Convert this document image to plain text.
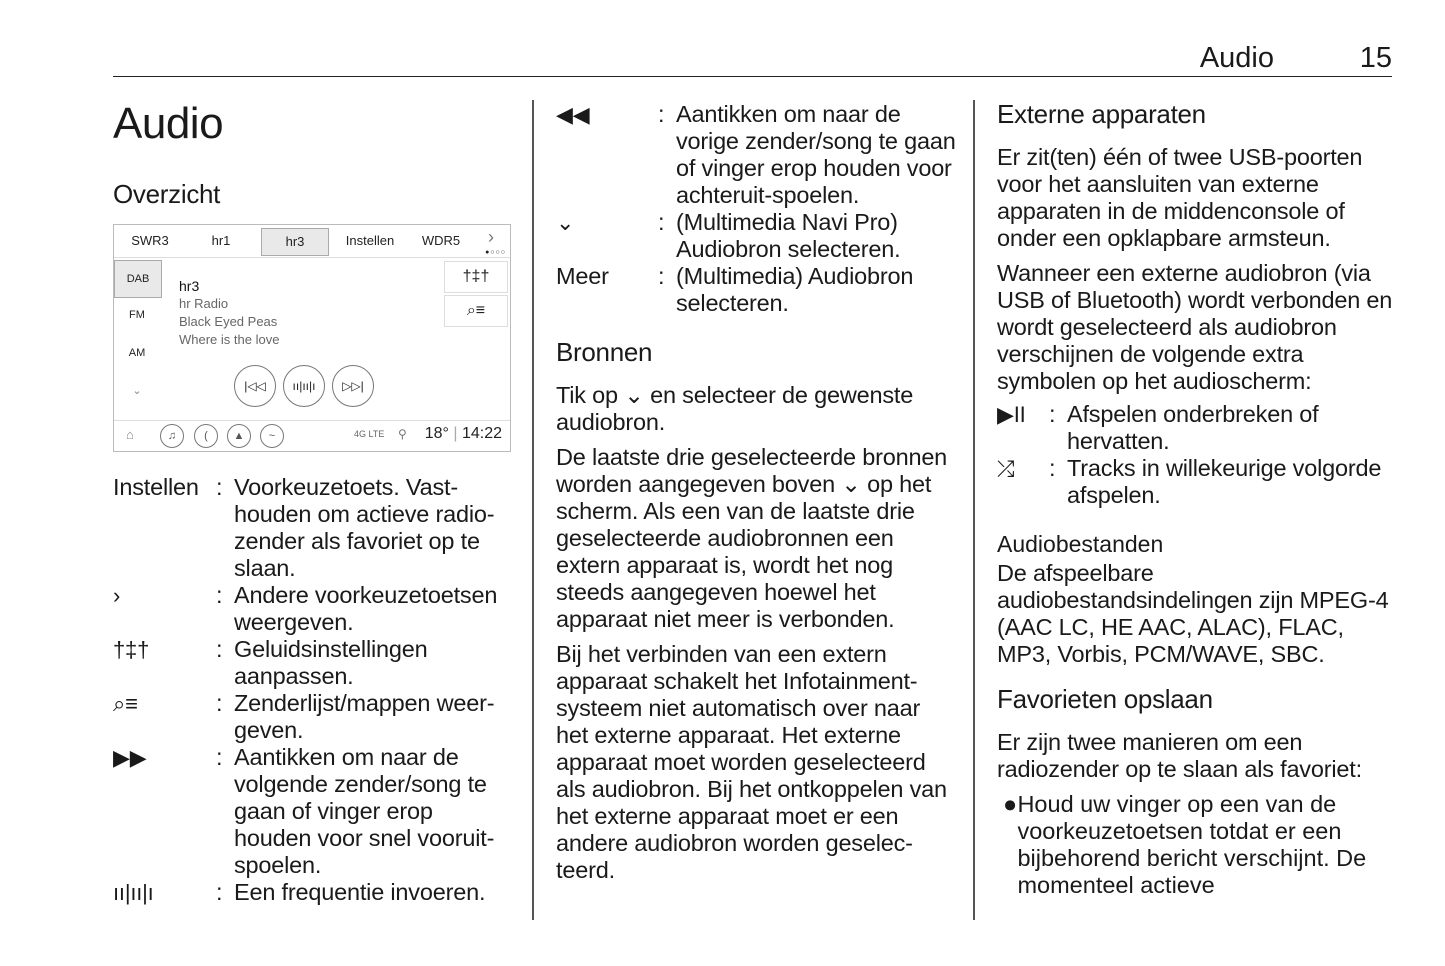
Audio	15
Audio
Overzicht
SWR3	hr1	hr3	Instellen	WDR5	›
●○○○
DAB
FM
AM
⌄
hr3
hr Radio
Black Eyed Peas
Where is the love
†‡†
⌕≡
|◁◁ ıı|ıı|ı ▷▷|
⌂	♫	(	▲	~	4G LTE ⚲ 18° | 14:22
Instellen : Voorkeuzetoets. Vast-houden om actieve radio-zender als favoriet op te slaan.
›	: Andere voorkeuzetoetsen weergeven.
†‡†	: Geluidsinstellingen aanpassen.
⌕≡	: Zenderlijst/mappen weer-geven.
▶▶	: Aantikken om naar de volgende zender/song te gaan of vinger erop houden voor snel vooruit-spoelen.
ıı|ıı|ı	: Een frequentie invoeren.
◀◀	: Aantikken om naar de vorige zender/song te gaan of vinger erop houden voor achteruit-spoelen.
⌄	: (Multimedia Navi Pro) Audiobron selecteren.
Meer	: (Multimedia) Audiobron selecteren.
Bronnen

Tik op ⌄ en selecteer de gewenste audiobron.

De laatste drie geselecteerde bronnen worden aangegeven boven ⌄ op het scherm. Als een van de laatste drie geselecteerde audiobronnen een extern apparaat is, wordt het nog steeds aangegeven hoewel het apparaat niet meer is verbonden.

Bij het verbinden van een extern apparaat schakelt het Infotainment-systeem niet automatisch over naar het externe apparaat. Het externe apparaat moet worden geselecteerd als audiobron. Bij het ontkoppelen van het externe apparaat moet er een andere audiobron worden geselec-teerd.

Externe apparaten

Er zit(ten) één of twee USB-poorten voor het aansluiten van externe apparaten in de middenconsole of onder een opklapbare armsteun.

Wanneer een externe audiobron (via USB of Bluetooth) wordt verbonden en wordt geselecteerd als audiobron verschijnen de volgende extra symbolen op het audioscherm:

▶II : Afspelen onderbreken of hervatten.
⤮	: Tracks in willekeurige volgorde afspelen.
Audiobestanden

De afspeelbare audiobestandsindelingen zijn MPEG-4 (AAC LC, HE AAC, ALAC), FLAC, MP3, Vorbis, PCM/WAVE, SBC.

Favorieten opslaan

Er zijn twee manieren om een radiozender op te slaan als favoriet:

● Houd uw vinger op een van de voorkeuzetoetsen totdat er een bijbehorend bericht verschijnt. De momenteel actieve
